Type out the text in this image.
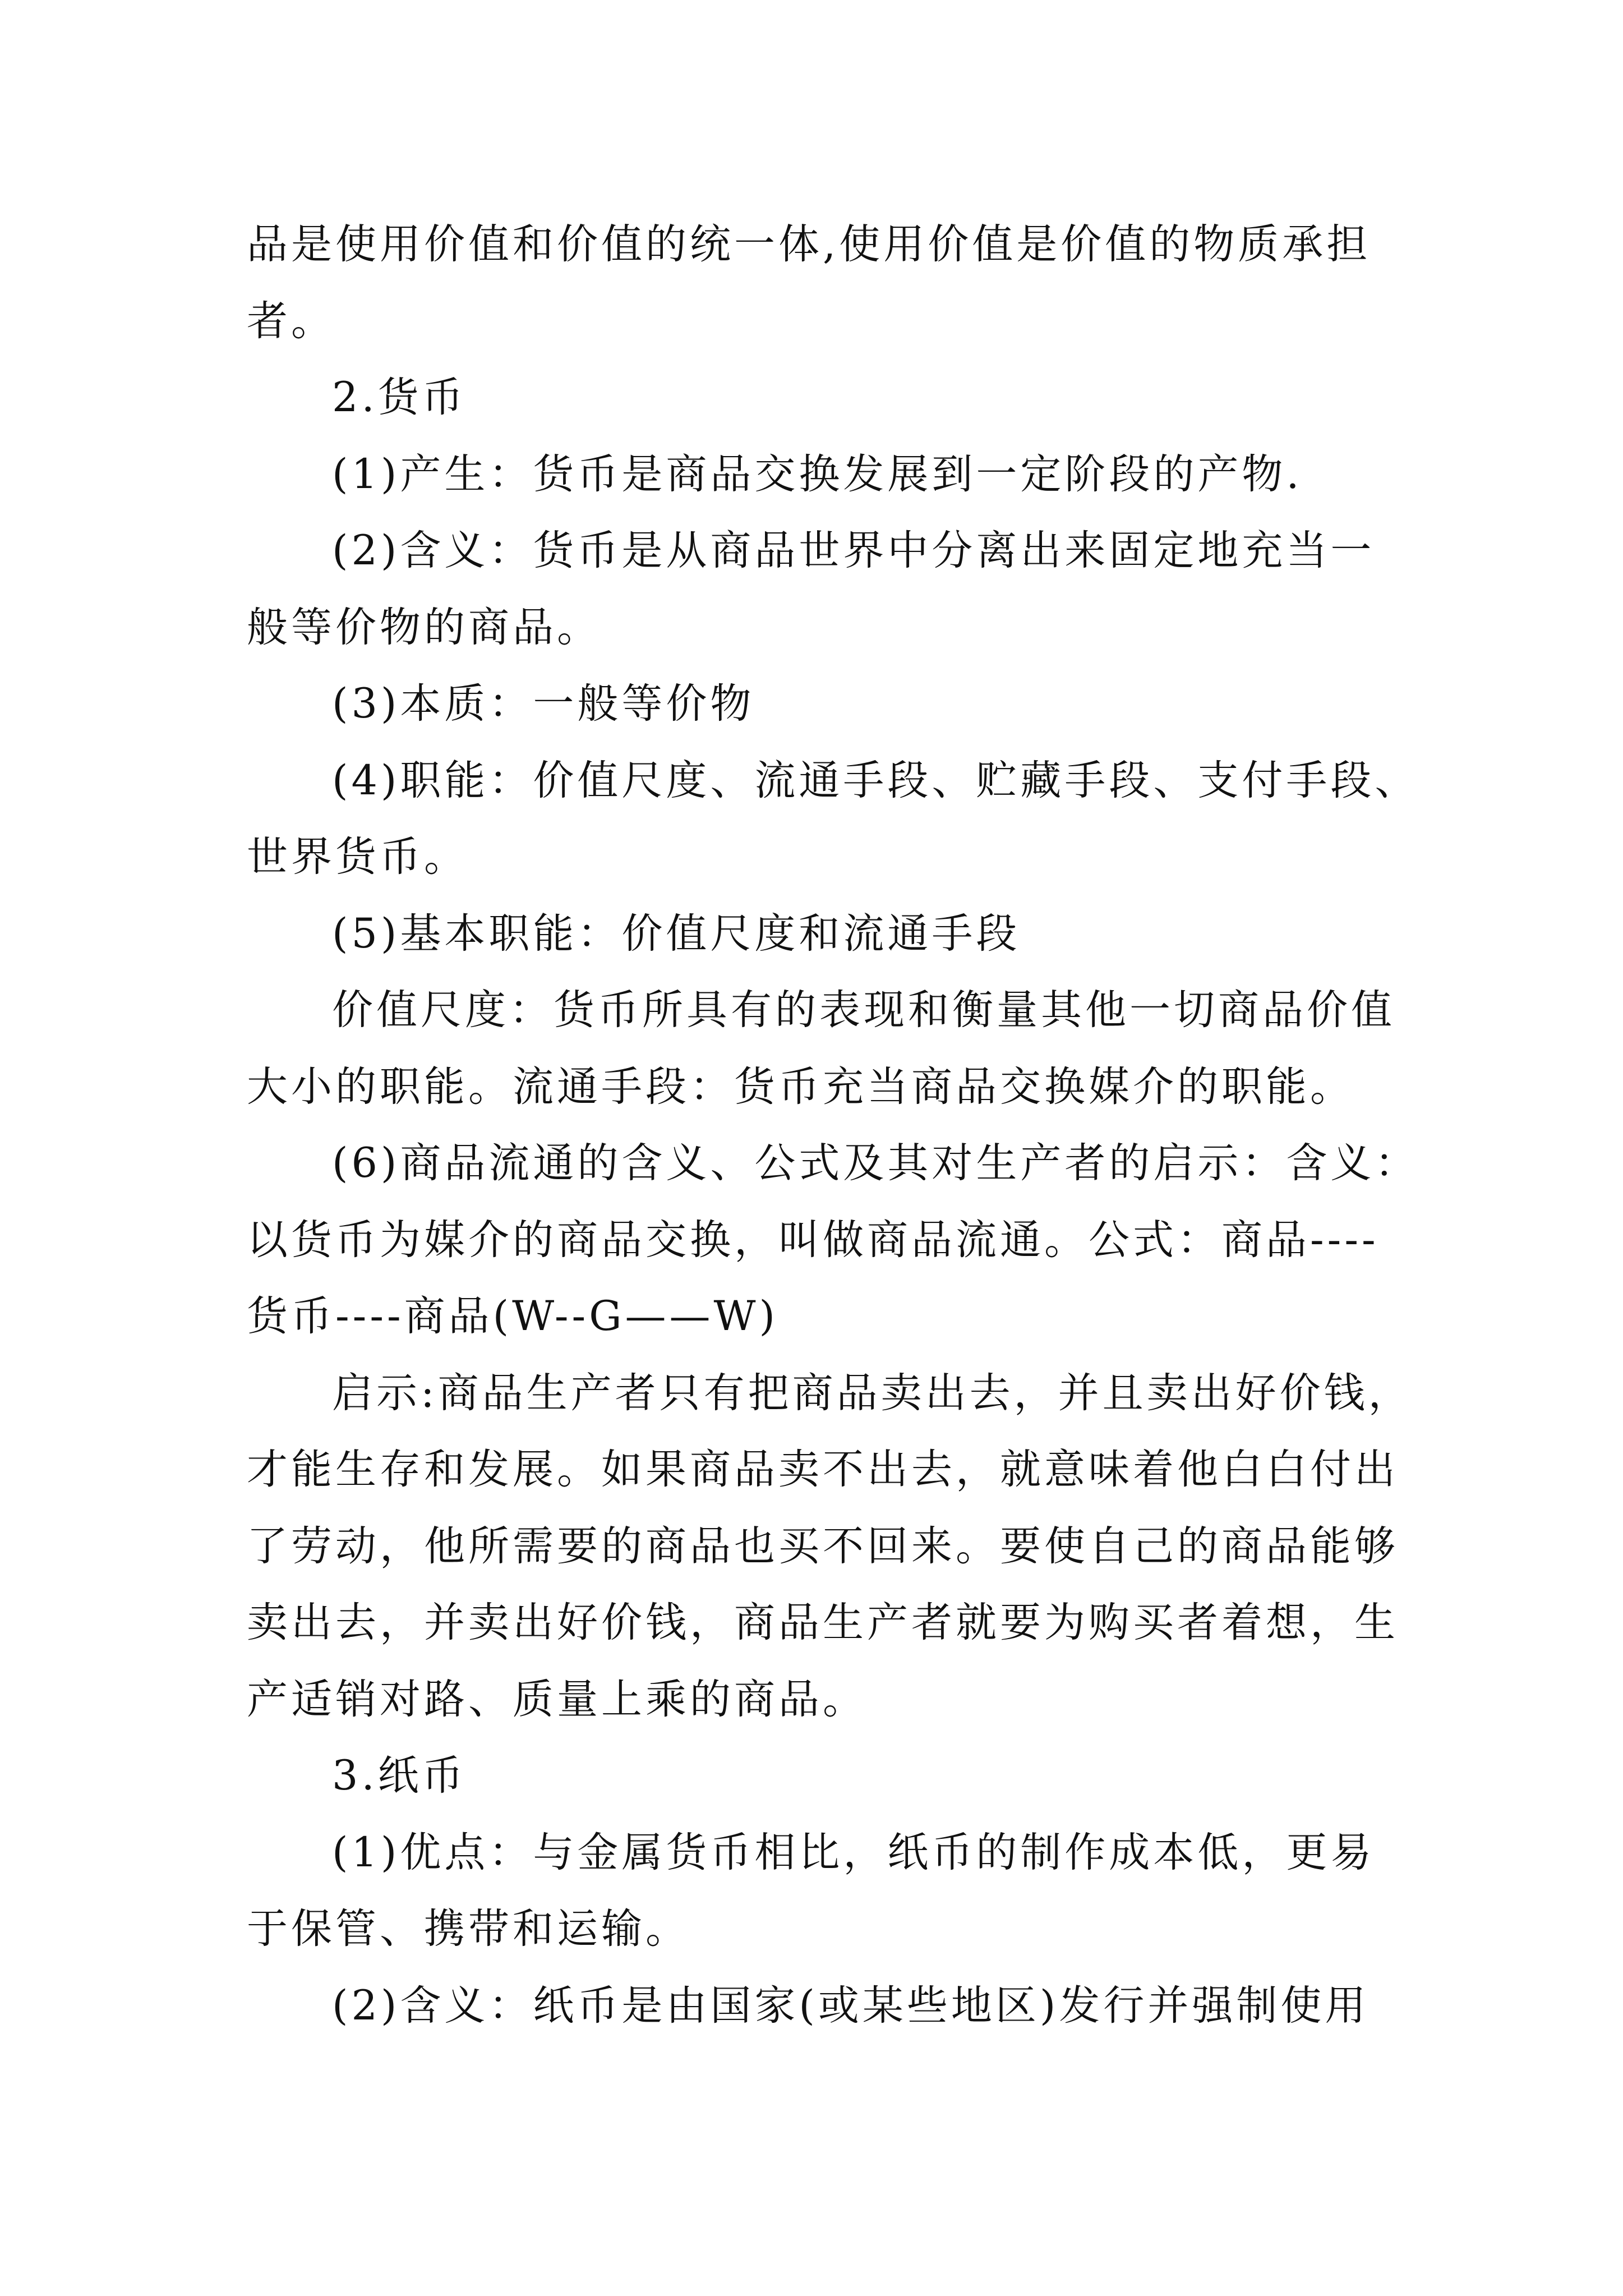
品是使用价值和价值的统一体,使用价值是价值的物质承担
者。
2.货币
(1)产生：货币是商品交换发展到一定阶段的产物.
(2)含义：货币是从商品世界中分离出来固定地充当一
般等价物的商品。
(3)本质：一般等价物
(4)职能：价值尺度、流通手段、贮藏手段、支付手段、
世界货币。
(5)基本职能：价值尺度和流通手段
价值尺度：货币所具有的表现和衡量其他一切商品价值
大小的职能。流通手段：货币充当商品交换媒介的职能。
(6)商品流通的含义、公式及其对生产者的启示：含义：
以货币为媒介的商品交换，叫做商品流通。公式：商品----
货币----商品(W--G——W)
启示:商品生产者只有把商品卖出去，并且卖出好价钱，
才能生存和发展。如果商品卖不出去，就意味着他白白付出
了劳动，他所需要的商品也买不回来。要使自己的商品能够
卖出去，并卖出好价钱，商品生产者就要为购买者着想，生
产适销对路、质量上乘的商品。
3.纸币
(1)优点：与金属货币相比，纸币的制作成本低，更易
于保管、携带和运输。
(2)含义：纸币是由国家(或某些地区)发行并强制使用
